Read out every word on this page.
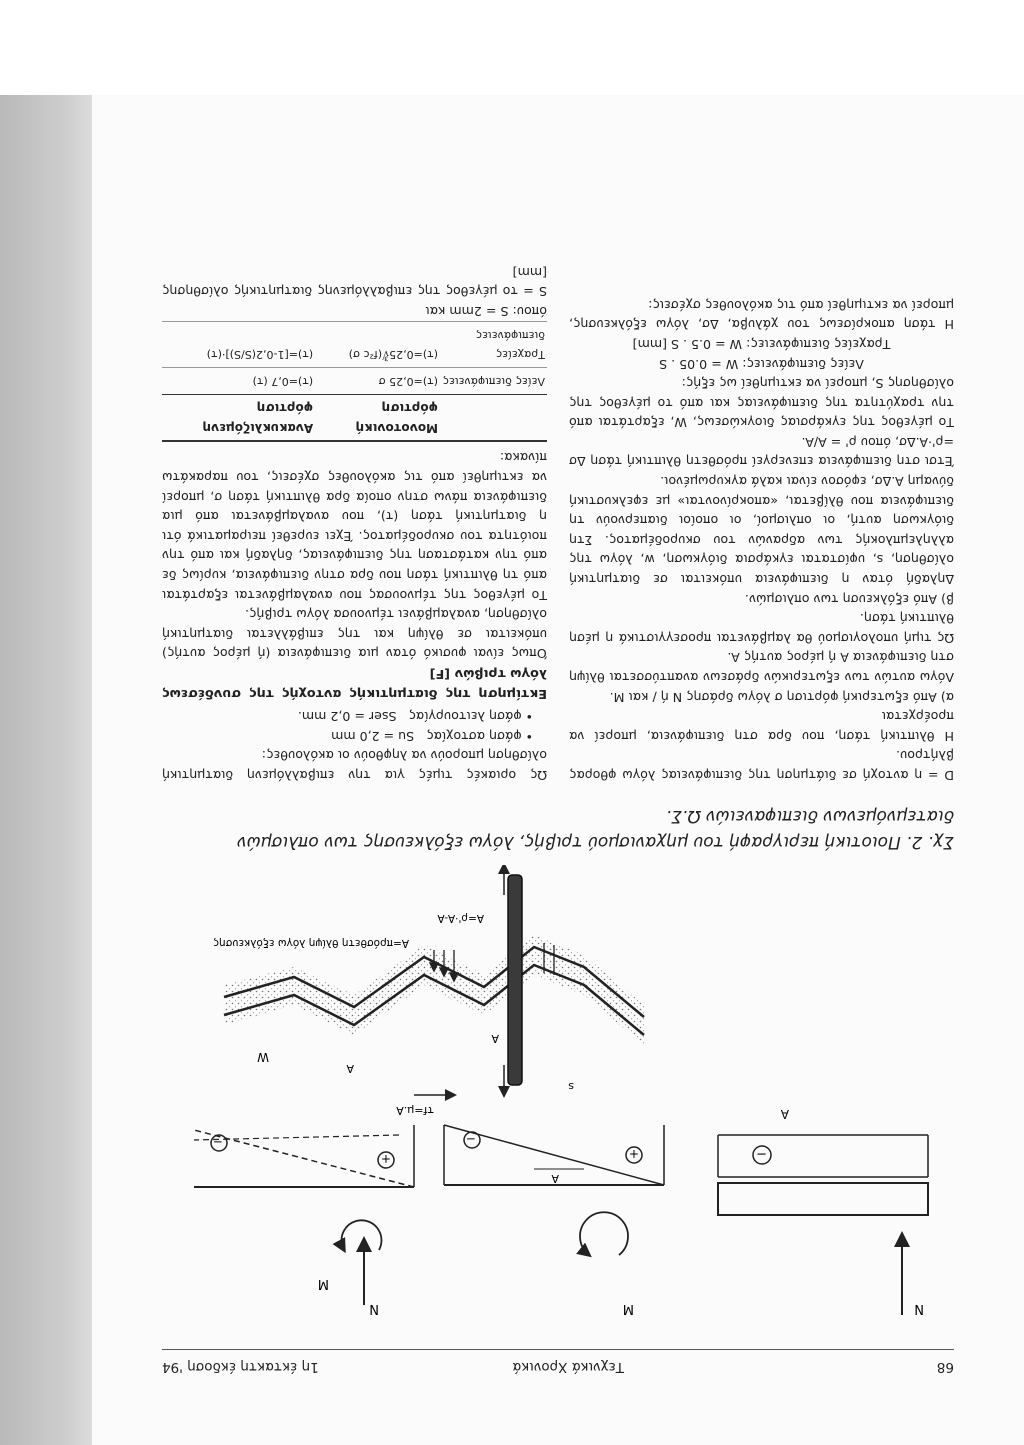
68
Τεχνικά Χρονικά
1η έκτακτη έκδοση '94
N
−
A
M
+
−
A
N
M
+
−
τf=μ.A
W
s
A
A
A=ρ'·A-A
A=πρόσθετη θλίψη λόγω εξόλκευσης
Σχ. 2. Ποιοτική περιγραφή του μηχανισμού τριβής, λόγω εξόλκευσης των οπλισμών διατεμνόμενων διεπιφανειών Ω.Σ.

D = η αντοχή σε διάτμηση της διεπιφάνειας λόγω φθορας βλήτρου.

Η θλιπτική τάση, που δρα στη διεπιφάνεια, μπορεί να προέρχεται

α) Από εξωτερική φόρτιση σ λόγω δράσης N ή / και M.

Λόγω αυτών των εξωτερικών δράσεων αναπτύσσεται θλίψη στη διεπιφάνεια A ή μέρος αυτής A.

Ως τιμή υπολογισμού θα λαμβάνεται προσεγγιστικά η μέση θλιπτική τάση.

β) Από εξόλκευση των οπλισμών.

Δηλαδή όταν η διεπιφάνεια υπόκειται σε διατμητική ολίσθηση, s, υφίσταται εγκάρσια διόγκωση, w, λόγω της αλληλεμπλοκής των αδρανών του σκυροδέματος. Στη διόγκωση αυτή, οι οπλισμοί, οι οποίοι διαπερνούν τη διεπιφάνεια που θλίβεται, «αποκρίνονται» με εφελκυστική δύναμη A.Δσ, εφόσον είναι καλά αγκυρωμένοι.

Έτσι στη διεπιφάνεια επενεργεί πρόσθετη θλιπτική τάση Δσ =ρ'·A.Δσ, όπου ρ' = A/A.

Το μέγεθος της εγκάρσιας διογκώσεως, W, εξαρτάται από την τραχύτητα της διεπιφάνειας και από το μέγεθος της ολίσθησης S, μπορεί να εκτιμηθεί ως εξής:

Λείες διεπιφάνειες: W = 0.05 . S

Τραχείες διεπιφάνειες: W = 0.5 . S [mm]

Η τάση αποκρίσεως του χάλυβα, Δσ, λόγω εξόλκευσης, μπορεί να εκτιμηθεί από τις ακόλουθες σχέσεις:

Ως οριακές τιμές για την επιβαλλόμενη διατμητική ολίσθηση μπορούν να ληφθούν οι ακόλουθες:

• φάση αστοχίας   Su = 2,0 mm

• φάση λειτουργίας   Sser = 0,2 mm.

Εκτίμηση της διατμητικής αντοχής της συνδέσεως λόγω τριβών [F]

Όπως είναι φυσικό όταν μια διεπιφάνεια (ή μέρος αυτής) υπόκειται σε θλίψη και της επιβάλλεται διατμητική ολίσθηση, αναλαμβάνει τέμνουσα λόγω τριβής.

Το μέγεθος της τέμνουσας που αναλαμβάνεται εξαρτάται από τη θλιπτική τάση που δρα στην διεπιφάνεια, κυρίως δε από την κατάσταση της διεπιφάνειας, δηλαδή και από την ποιότητα του σκυροδέματος. Έχει ευρεθεί πειραματικά ότι η διατμητική τάση (τ), που αναλαμβάνεται από μια διεπιφάνεια πάνω στην οποία δρα θλιπτική τάση σ, μπορεί να εκτιμηθεί από τις ακόλουθες σχέσεις, του παρακάτω πίνακα:

	Μονοτονική φόρτιση	Ανακυκλιζόμενη φόρτιση
Λείες διεπιφάνειες	(τ)=0,25 σ	(τ)=0,7 (τ)
Τραχείες διεπιφάνειες	(τ)=0,25∛(f²c σ)	(τ)=[1-0,2(S/S)]·(τ)

όπου: S = 2mm και

S = το μέγεθος της επιβαλλόμενης διατμητικής ολίσθησης [mm]
